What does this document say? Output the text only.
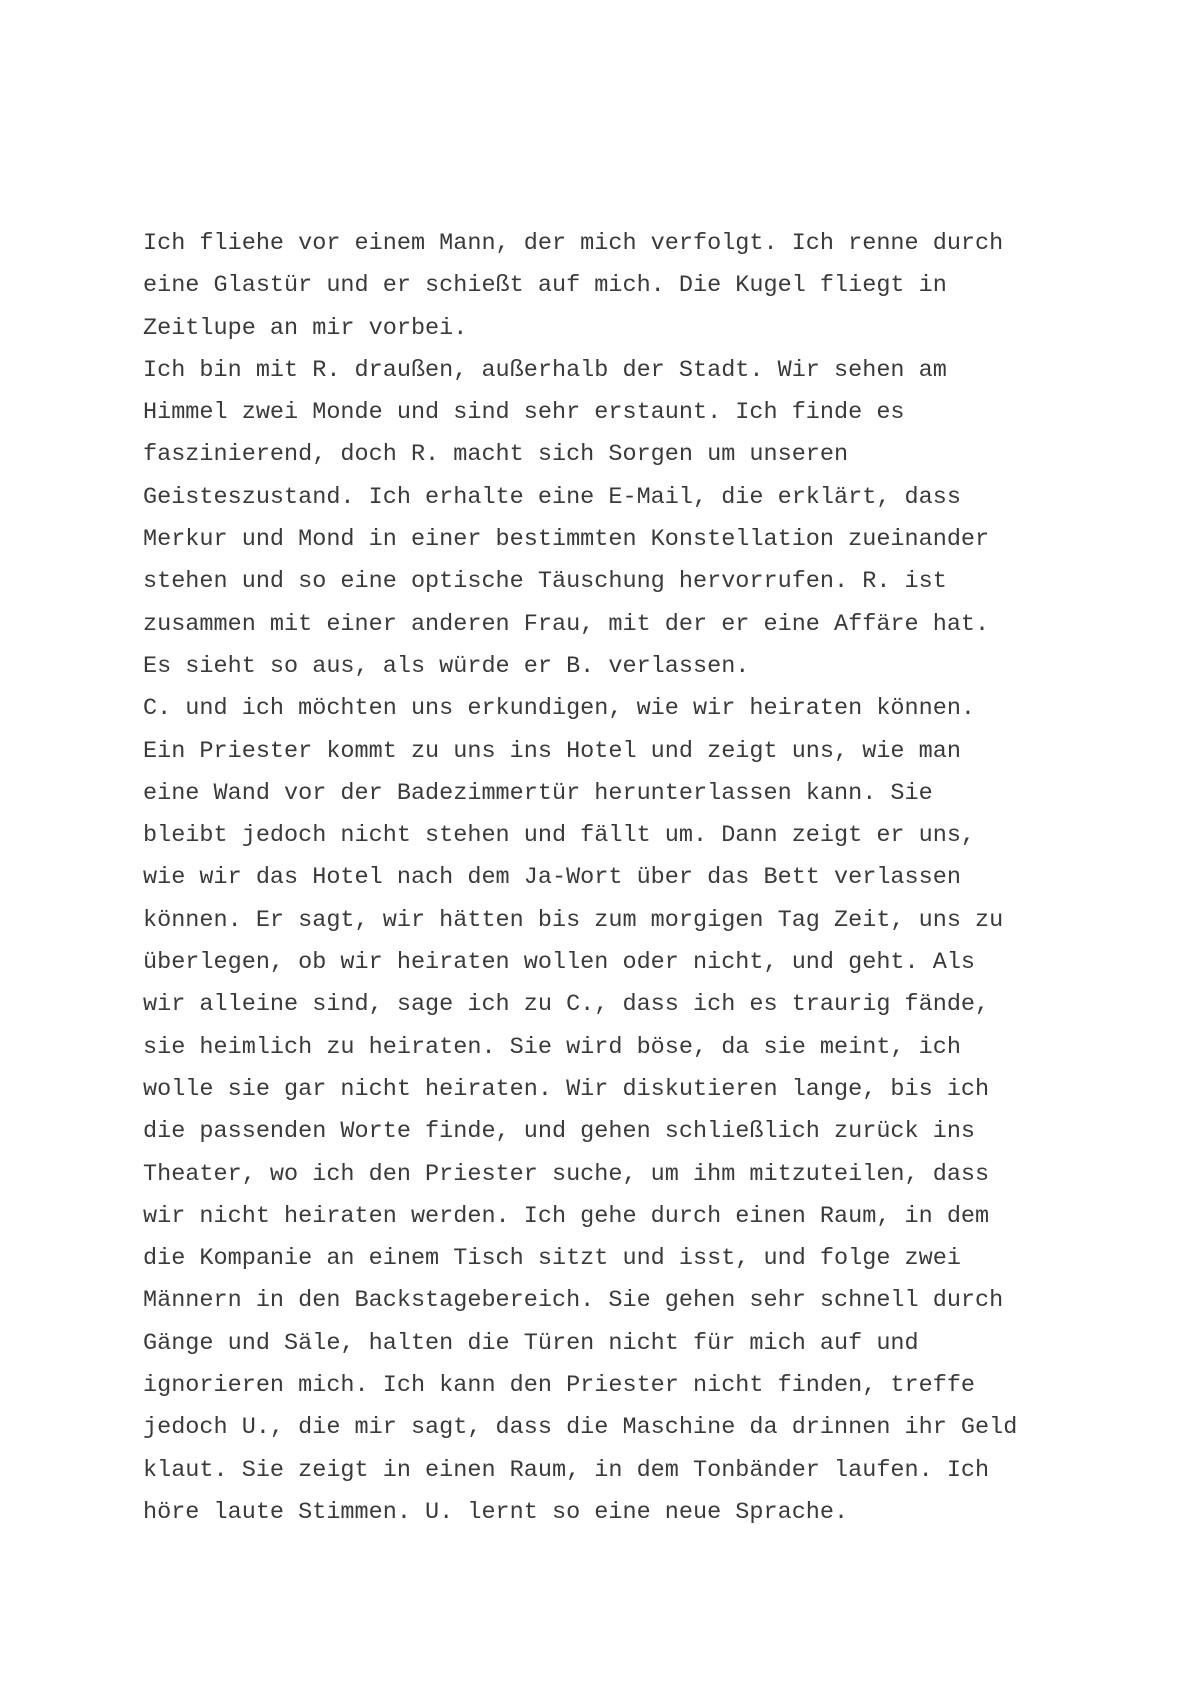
Ich fliehe vor einem Mann, der mich verfolgt. Ich renne durch
eine Glastür und er schießt auf mich. Die Kugel fliegt in
Zeitlupe an mir vorbei.
Ich bin mit R. draußen, außerhalb der Stadt. Wir sehen am
Himmel zwei Monde und sind sehr erstaunt. Ich finde es
faszinierend, doch R. macht sich Sorgen um unseren
Geisteszustand. Ich erhalte eine E-Mail, die erklärt, dass
Merkur und Mond in einer bestimmten Konstellation zueinander
stehen und so eine optische Täuschung hervorrufen. R. ist
zusammen mit einer anderen Frau, mit der er eine Affäre hat.
Es sieht so aus, als würde er B. verlassen.
C. und ich möchten uns erkundigen, wie wir heiraten können.
Ein Priester kommt zu uns ins Hotel und zeigt uns, wie man
eine Wand vor der Badezimmertür herunterlassen kann. Sie
bleibt jedoch nicht stehen und fällt um. Dann zeigt er uns,
wie wir das Hotel nach dem Ja-Wort über das Bett verlassen
können. Er sagt, wir hätten bis zum morgigen Tag Zeit, uns zu
überlegen, ob wir heiraten wollen oder nicht, und geht. Als
wir alleine sind, sage ich zu C., dass ich es traurig fände,
sie heimlich zu heiraten. Sie wird böse, da sie meint, ich
wolle sie gar nicht heiraten. Wir diskutieren lange, bis ich
die passenden Worte finde, und gehen schließlich zurück ins
Theater, wo ich den Priester suche, um ihm mitzuteilen, dass
wir nicht heiraten werden. Ich gehe durch einen Raum, in dem
die Kompanie an einem Tisch sitzt und isst, und folge zwei
Männern in den Backstagebereich. Sie gehen sehr schnell durch
Gänge und Säle, halten die Türen nicht für mich auf und
ignorieren mich. Ich kann den Priester nicht finden, treffe
jedoch U., die mir sagt, dass die Maschine da drinnen ihr Geld
klaut. Sie zeigt in einen Raum, in dem Tonbänder laufen. Ich
höre laute Stimmen. U. lernt so eine neue Sprache.
